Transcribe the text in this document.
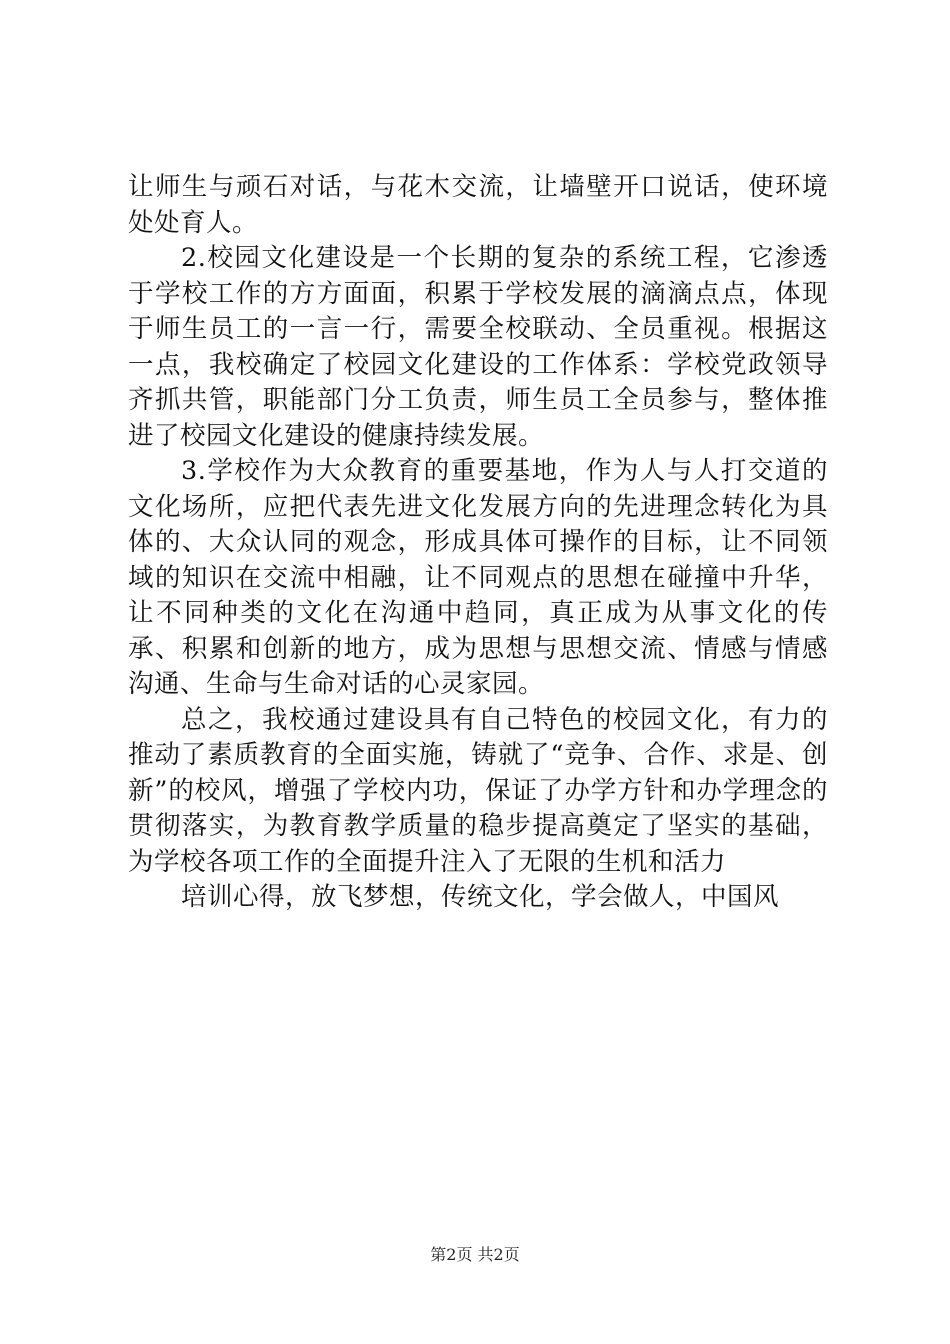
让师生与顽石对话，与花木交流，让墙壁开口说话，使环境处处育人。

2.校园文化建设是一个长期的复杂的系统工程，它渗透于学校工作的方方面面，积累于学校发展的滴滴点点，体现于师生员工的一言一行，需要全校联动、全员重视。根据这一点，我校确定了校园文化建设的工作体系：学校党政领导齐抓共管，职能部门分工负责，师生员工全员参与，整体推进了校园文化建设的健康持续发展。

3.学校作为大众教育的重要基地，作为人与人打交道的文化场所，应把代表先进文化发展方向的先进理念转化为具体的、大众认同的观念，形成具体可操作的目标，让不同领域的知识在交流中相融，让不同观点的思想在碰撞中升华，让不同种类的文化在沟通中趋同，真正成为从事文化的传承、积累和创新的地方，成为思想与思想交流、情感与情感沟通、生命与生命对话的心灵家园。

总之，我校通过建设具有自己特色的校园文化，有力的推动了素质教育的全面实施，铸就了“竞争、合作、求是、创新”的校风，增强了学校内功，保证了办学方针和办学理念的贯彻落实，为教育教学质量的稳步提高奠定了坚实的基础，为学校各项工作的全面提升注入了无限的生机和活力

培训心得，放飞梦想，传统文化，学会做人，中国风

第2页 共2页
